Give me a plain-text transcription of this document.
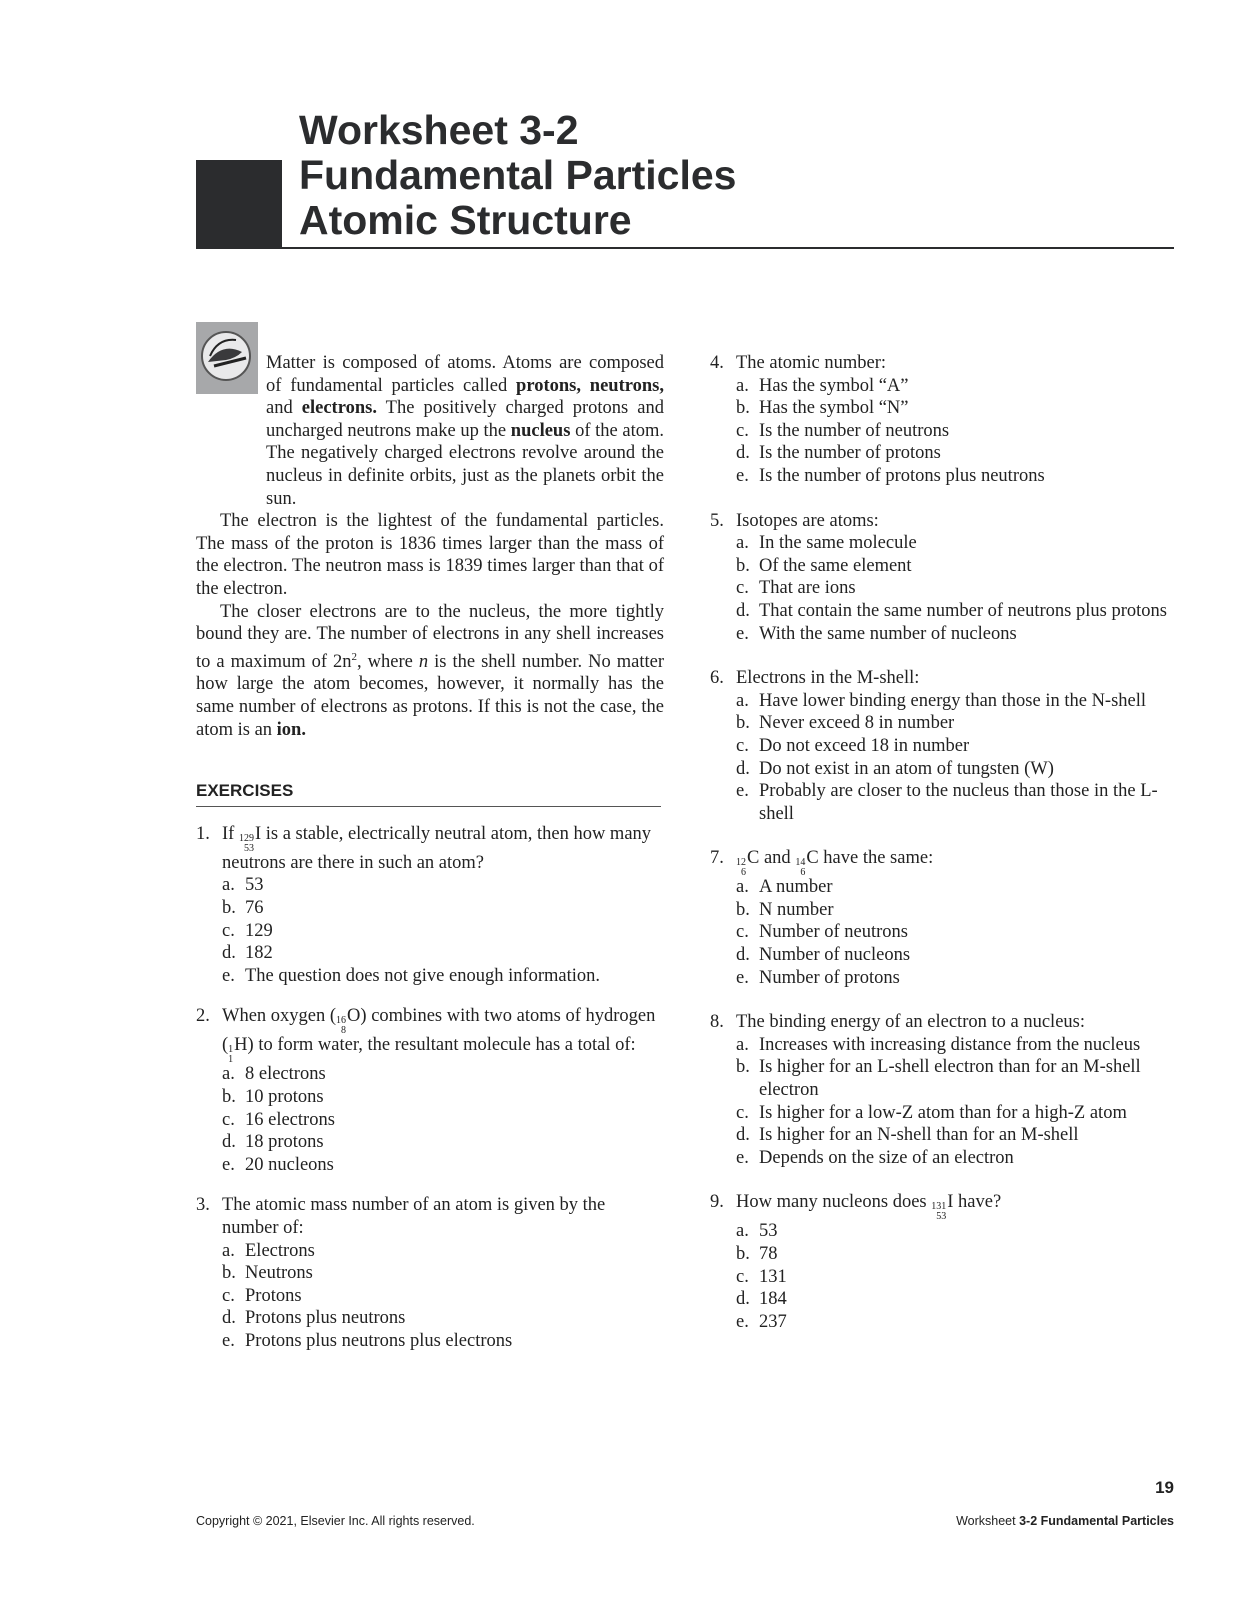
Worksheet 3-2
Fundamental Particles
Atomic Structure

Matter is composed of atoms. Atoms are composed of fundamental particles called protons, neutrons, and electrons. The positively charged protons and uncharged neutrons make up the nucleus of the atom. The negatively charged electrons revolve around the nucleus in definite orbits, just as the planets orbit the sun.

The electron is the lightest of the fundamental particles. The mass of the proton is 1836 times larger than the mass of the electron. The neutron mass is 1839 times larger than that of the electron.

The closer electrons are to the nucleus, the more tightly bound they are. The number of electrons in any shell increases to a maximum of $2n^2$, where n is the shell number. No matter how large the atom becomes, however, it normally has the same number of electrons as protons. If this is not the case, the atom is an ion.

EXERCISES
1. If 129
53
I is a stable, electrically neutral atom, then how many neutrons are there in such an atom?
a. 53
b. 76
c. 129
d. 182
e. The question does not give enough information.
2. When oxygen ( 16
8
O ) combines with two atoms of hydrogen ( 1
1
H ) to form water, the resultant molecule has a total of:
a. 8 electrons
b. 10 protons
c. 16 electrons
d. 18 protons
e. 20 nucleons
3. The atomic mass number of an atom is given by the number of:
a. Electrons
b. Neutrons
c. Protons
d. Protons plus neutrons
e. Protons plus neutrons plus electrons
4. The atomic number:
a. Has the symbol “A”
b. Has the symbol “N”
c. Is the number of neutrons
d. Is the number of protons
e. Is the number of protons plus neutrons
5. Isotopes are atoms:
a. In the same molecule
b. Of the same element
c. That are ions
d. That contain the same number of neutrons plus protons
e. With the same number of nucleons
6. Electrons in the M-shell:
a. Have lower binding energy than those in the N-shell
b. Never exceed 8 in number
c. Do not exceed 18 in number
d. Do not exist in an atom of tungsten (W)
e. Probably are closer to the nucleus than those in the L-shell
7.	12
6
C and 14
6
C have the same:
a. A number
b. N number
c. Number of neutrons
d. Number of nucleons
e. Number of protons
8. The binding energy of an electron to a nucleus:
a. Increases with increasing distance from the nucleus
b. Is higher for an L-shell electron than for an M-shell electron
c. Is higher for a low-Z atom than for a high-Z atom
d. Is higher for an N-shell than for an M-shell
e. Depends on the size of an electron
9. How many nucleons does 131
53
I have?
a. 53
b. 78
c. 131
d. 184
e. 237
19
Copyright © 2021, Elsevier Inc. All rights reserved.	Worksheet 3-2 Fundamental Particles
